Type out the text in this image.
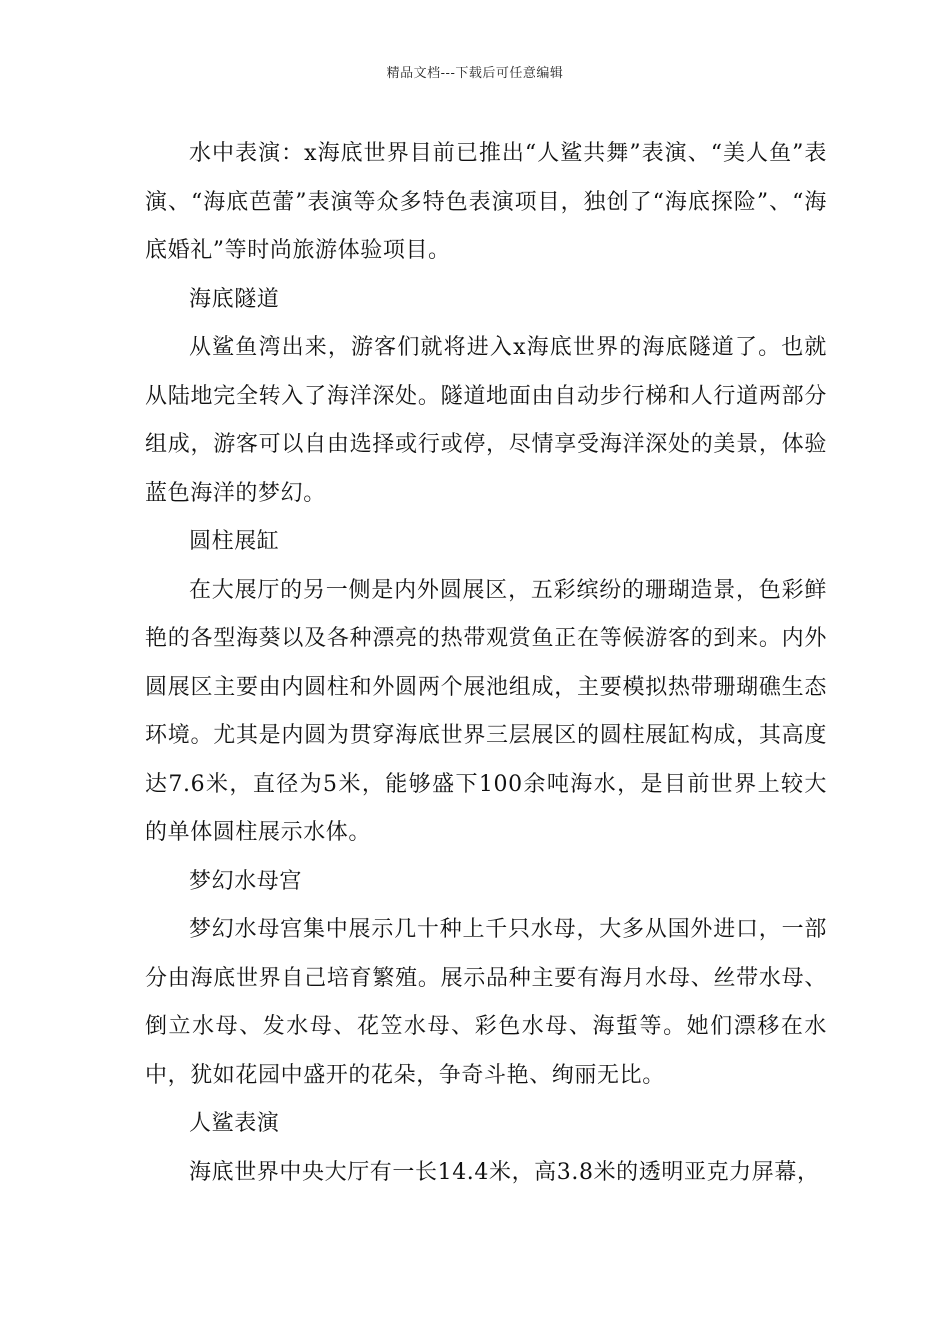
精品文档---下载后可任意编辑

水中表演：x海底世界目前已推出“人鲨共舞”表演、“美人鱼”表演、“海底芭蕾”表演等众多特色表演项目，独创了“海底探险”、“海底婚礼”等时尚旅游体验项目。

海底隧道

从鲨鱼湾出来，游客们就将进入x海底世界的海底隧道了。也就从陆地完全转入了海洋深处。隧道地面由自动步行梯和人行道两部分组成，游客可以自由选择或行或停，尽情享受海洋深处的美景，体验蓝色海洋的梦幻。

圆柱展缸

在大展厅的另一侧是内外圆展区，五彩缤纷的珊瑚造景，色彩鲜艳的各型海葵以及各种漂亮的热带观赏鱼正在等候游客的到来。内外圆展区主要由内圆柱和外圆两个展池组成，主要模拟热带珊瑚礁生态环境。尤其是内圆为贯穿海底世界三层展区的圆柱展缸构成，其高度达7.6米，直径为5米，能够盛下100余吨海水，是目前世界上较大的单体圆柱展示水体。

梦幻水母宫

梦幻水母宫集中展示几十种上千只水母，大多从国外进口，一部分由海底世界自己培育繁殖。展示品种主要有海月水母、丝带水母、倒立水母、发水母、花笠水母、彩色水母、海蜇等。她们漂移在水中，犹如花园中盛开的花朵，争奇斗艳、绚丽无比。

人鲨表演

海底世界中央大厅有一长14.4米，高3.8米的透明亚克力屏幕，
